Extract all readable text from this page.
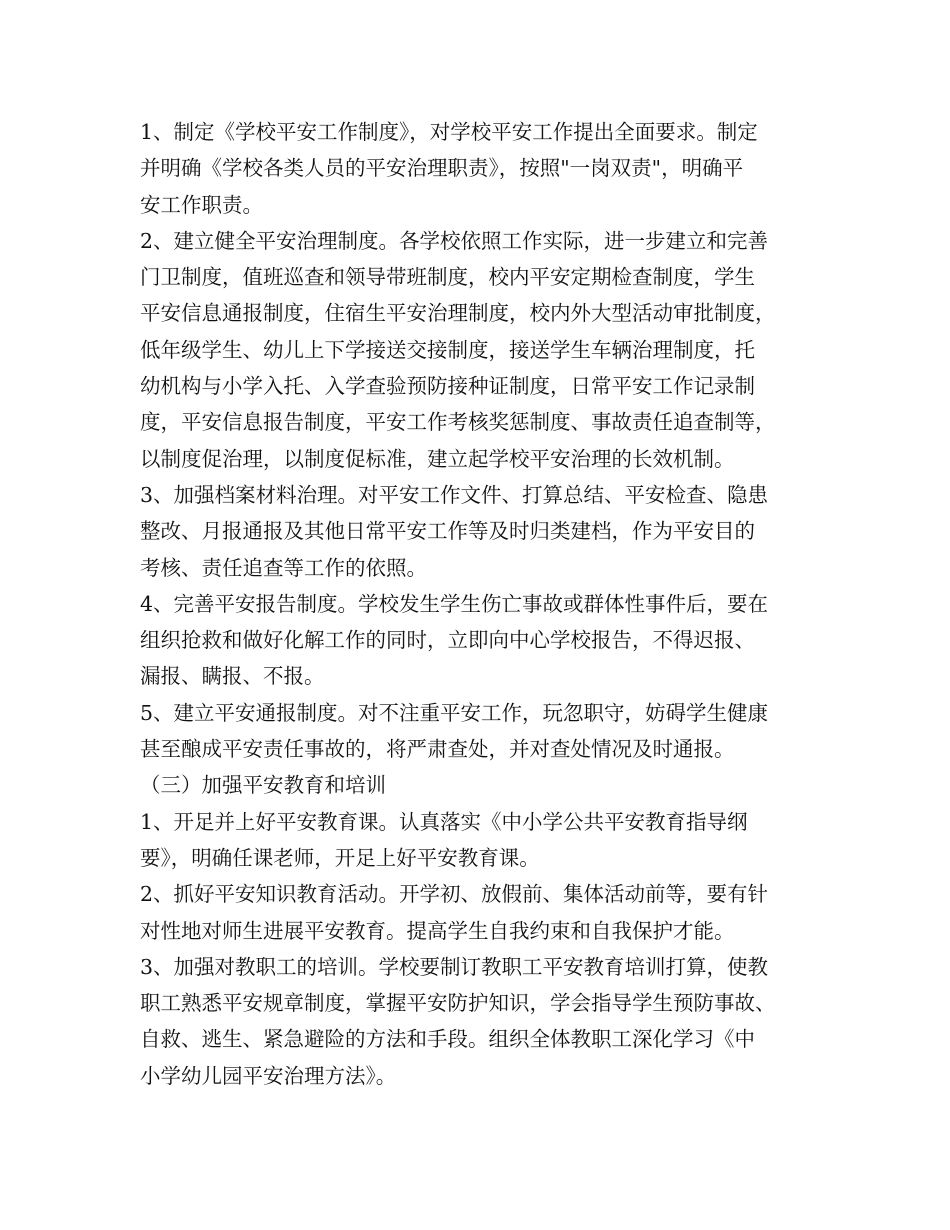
1、制定《学校平安工作制度》，对学校平安工作提出全面要求。制定
并明确《学校各类人员的平安治理职责》，按照"一岗双责"，明确平
安工作职责。
2、建立健全平安治理制度。各学校依照工作实际，进一步建立和完善
门卫制度，值班巡查和领导带班制度，校内平安定期检查制度，学生
平安信息通报制度，住宿生平安治理制度，校内外大型活动审批制度，
低年级学生、幼儿上下学接送交接制度，接送学生车辆治理制度，托
幼机构与小学入托、入学查验预防接种证制度，日常平安工作记录制
度，平安信息报告制度，平安工作考核奖惩制度、事故责任追查制等，
以制度促治理，以制度促标准，建立起学校平安治理的长效机制。
3、加强档案材料治理。对平安工作文件、打算总结、平安检查、隐患
整改、月报通报及其他日常平安工作等及时归类建档，作为平安目的
考核、责任追查等工作的依照。
4、完善平安报告制度。学校发生学生伤亡事故或群体性事件后，要在
组织抢救和做好化解工作的同时，立即向中心学校报告，不得迟报、
漏报、瞒报、不报。
5、建立平安通报制度。对不注重平安工作，玩忽职守，妨碍学生健康
甚至酿成平安责任事故的，将严肃查处，并对查处情况及时通报。
（三）加强平安教育和培训
1、开足并上好平安教育课。认真落实《中小学公共平安教育指导纲
要》，明确任课老师，开足上好平安教育课。
2、抓好平安知识教育活动。开学初、放假前、集体活动前等，要有针
对性地对师生进展平安教育。提高学生自我约束和自我保护才能。
3、加强对教职工的培训。学校要制订教职工平安教育培训打算，使教
职工熟悉平安规章制度，掌握平安防护知识，学会指导学生预防事故、
自救、逃生、紧急避险的方法和手段。组织全体教职工深化学习《中
小学幼儿园平安治理方法》。
